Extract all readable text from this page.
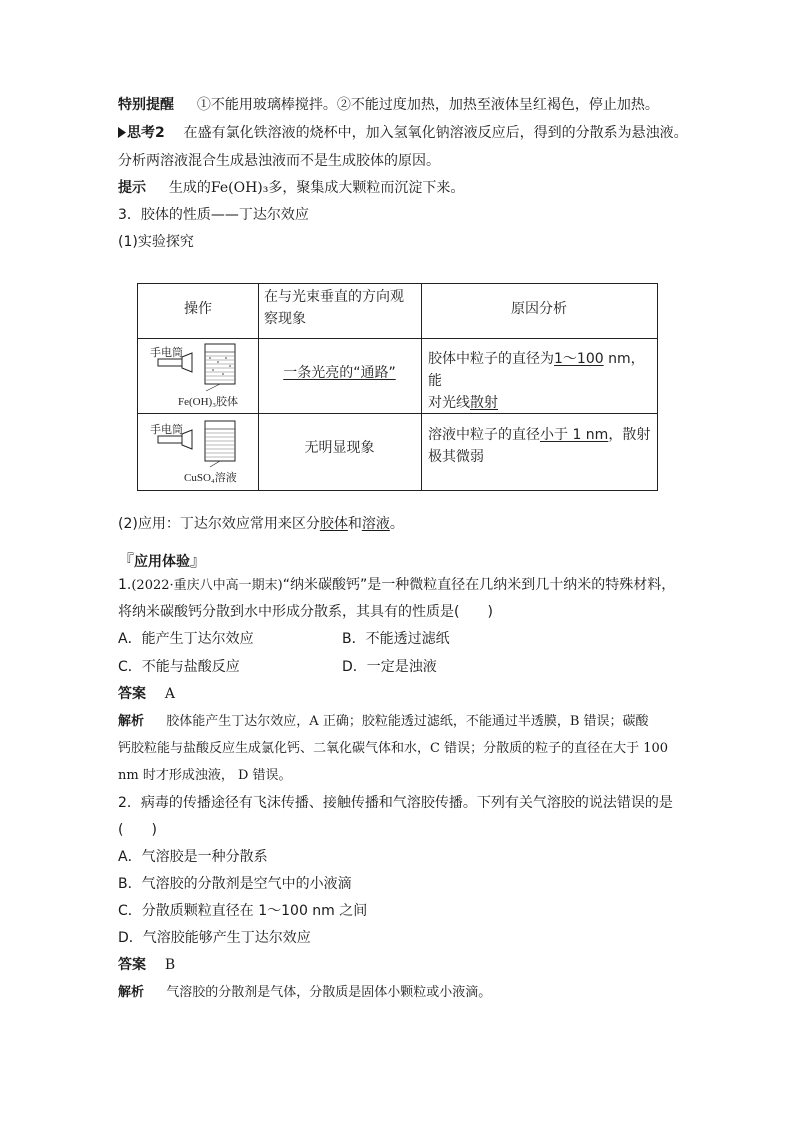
特别提醒 ①不能用玻璃棒搅拌。②不能过度加热，加热至液体呈红褐色，停止加热。
思考2 在盛有氯化铁溶液的烧杯中，加入氢氧化钠溶液反应后，得到的分散系为悬浊液。
分析两溶液混合生成悬浊液而不是生成胶体的原因。
提示 生成的Fe(OH)₃多，聚集成大颗粒而沉淀下来。
3．胶体的性质——丁达尔效应
(1)实验探究
操作
在与光束垂直的方向观
察现象
原因分析
手电筒
Fe(OH)₃胶体
一条光亮的“通路”
胶体中粒子的直径为1～100 nm，能
对光线散射
手电筒
CuSO₄溶液
无明显现象
溶液中粒子的直径小于 1 nm，散射
极其微弱
(2)应用：丁达尔效应常用来区分胶体和溶液。
『应用体验』
1.(2022·重庆八中高一期末)“纳米碳酸钙”是一种微粒直径在几纳米到几十纳米的特殊材料，
将纳米碳酸钙分散到水中形成分散系，其具有的性质是(　　)
A．能产生丁达尔效应	B．不能透过滤纸
C．不能与盐酸反应	D．一定是浊液
答案 A
解析 胶体能产生丁达尔效应，A 正确；胶粒能透过滤纸，不能通过半透膜，B 错误；碳酸
钙胶粒能与盐酸反应生成氯化钙、二氧化碳气体和水，C 错误；分散质的粒子的直径在大于 100
nm 时才形成浊液， D 错误。
2．病毒的传播途径有飞沫传播、接触传播和气溶胶传播。下列有关气溶胶的说法错误的是
(　　)
A．气溶胶是一种分散系
B．气溶胶的分散剂是空气中的小液滴
C．分散质颗粒直径在 1～100 nm 之间
D．气溶胶能够产生丁达尔效应
答案 B
解析 气溶胶的分散剂是气体，分散质是固体小颗粒或小液滴。
